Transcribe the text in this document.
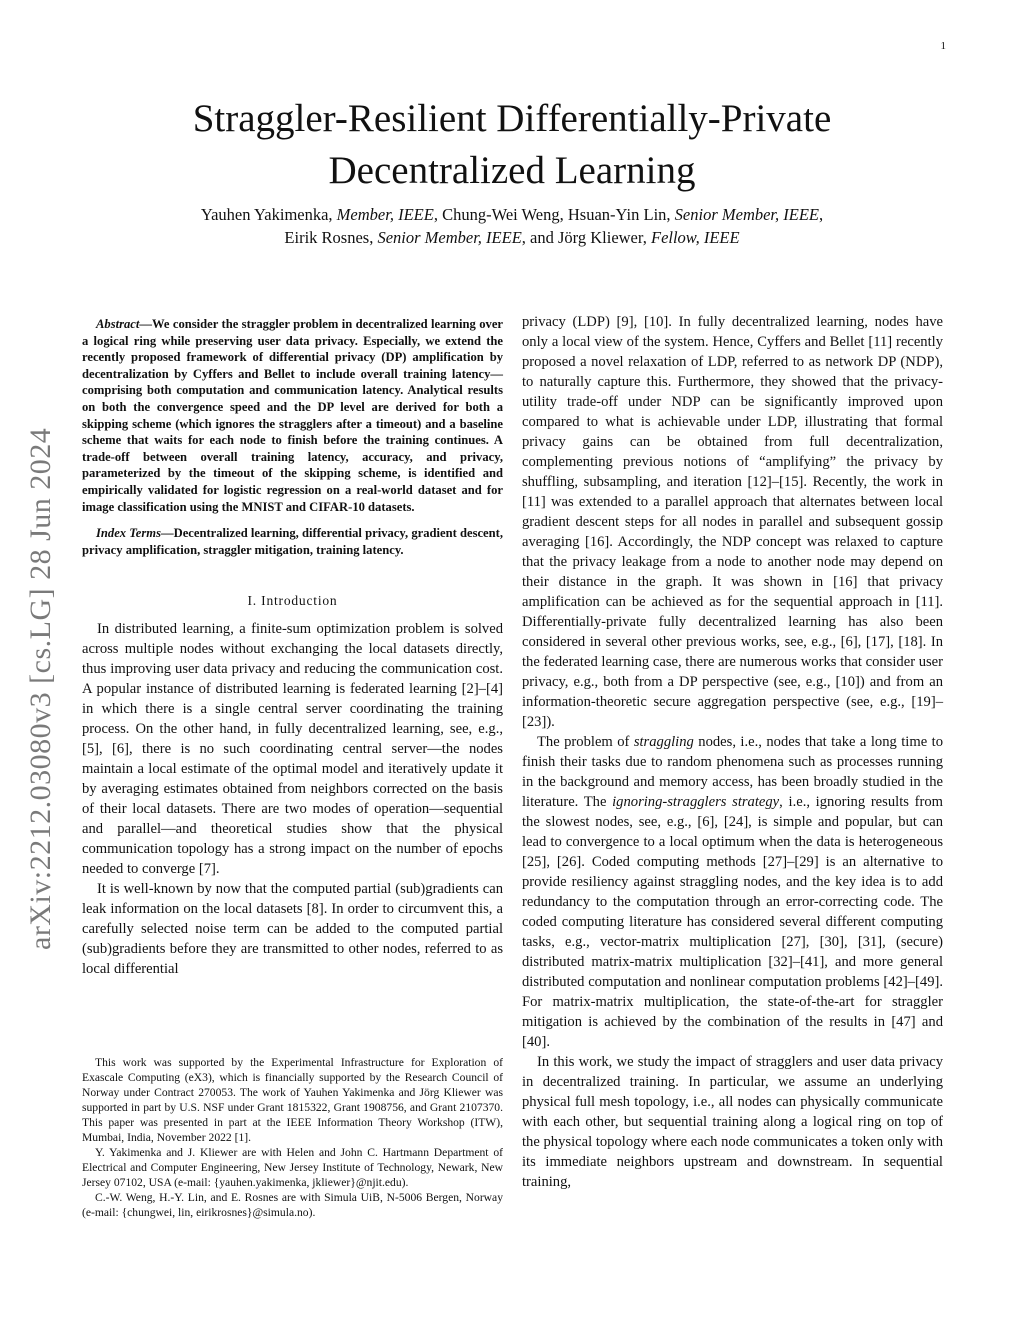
1
arXiv:2212.03080v3 [cs.LG] 28 Jun 2024
Straggler-Resilient Differentially-Private
Decentralized Learning
Yauhen Yakimenka, Member, IEEE, Chung-Wei Weng, Hsuan-Yin Lin, Senior Member, IEEE,
Eirik Rosnes, Senior Member, IEEE, and Jörg Kliewer, Fellow, IEEE

Abstract—We consider the straggler problem in decentralized learning over a logical ring while preserving user data privacy. Especially, we extend the recently proposed framework of differential privacy (DP) amplification by decentralization by Cyffers and Bellet to include overall training latency—comprising both computation and communication latency. Analytical results on both the convergence speed and the DP level are derived for both a skipping scheme (which ignores the stragglers after a timeout) and a baseline scheme that waits for each node to finish before the training continues. A trade-off between overall training latency, accuracy, and privacy, parameterized by the timeout of the skipping scheme, is identified and empirically validated for logistic regression on a real-world dataset and for image classification using the MNIST and CIFAR-10 datasets.

Index Terms—Decentralized learning, differential privacy, gradient descent, privacy amplification, straggler mitigation, training latency.

I. Introduction

In distributed learning, a finite-sum optimization problem is solved across multiple nodes without exchanging the local datasets directly, thus improving user data privacy and reducing the communication cost. A popular instance of distributed learning is federated learning [2]–[4] in which there is a single central server coordinating the training process. On the other hand, in fully decentralized learning, see, e.g., [5], [6], there is no such coordinating central server—the nodes maintain a local estimate of the optimal model and iteratively update it by averaging estimates obtained from neighbors corrected on the basis of their local datasets. There are two modes of operation—sequential and parallel—and theoretical studies show that the physical communication topology has a strong impact on the number of epochs needed to converge [7].

It is well-known by now that the computed partial (sub)gradients can leak information on the local datasets [8]. In order to circumvent this, a carefully selected noise term can be added to the computed partial (sub)gradients before they are transmitted to other nodes, referred to as local differential

This work was supported by the Experimental Infrastructure for Exploration of Exascale Computing (eX3), which is financially supported by the Research Council of Norway under Contract 270053. The work of Yauhen Yakimenka and Jörg Kliewer was supported in part by U.S. NSF under Grant 1815322, Grant 1908756, and Grant 2107370. This paper was presented in part at the IEEE Information Theory Workshop (ITW), Mumbai, India, November 2022 [1].

Y. Yakimenka and J. Kliewer are with Helen and John C. Hartmann Department of Electrical and Computer Engineering, New Jersey Institute of Technology, Newark, New Jersey 07102, USA (e-mail: {yauhen.yakimenka, jkliewer}@njit.edu).

C.-W. Weng, H.-Y. Lin, and E. Rosnes are with Simula UiB, N-5006 Bergen, Norway (e-mail: {chungwei, lin, eirikrosnes}@simula.no).

privacy (LDP) [9], [10]. In fully decentralized learning, nodes have only a local view of the system. Hence, Cyffers and Bellet [11] recently proposed a novel relaxation of LDP, referred to as network DP (NDP), to naturally capture this. Furthermore, they showed that the privacy-utility trade-off under NDP can be significantly improved upon compared to what is achievable under LDP, illustrating that formal privacy gains can be obtained from full decentralization, complementing previous notions of “amplifying” the privacy by shuffling, subsampling, and iteration [12]–[15]. Recently, the work in [11] was extended to a parallel approach that alternates between local gradient descent steps for all nodes in parallel and subsequent gossip averaging [16]. Accordingly, the NDP concept was relaxed to capture that the privacy leakage from a node to another node may depend on their distance in the graph. It was shown in [16] that privacy amplification can be achieved as for the sequential approach in [11]. Differentially-private fully decentralized learning has also been considered in several other previous works, see, e.g., [6], [17], [18]. In the federated learning case, there are numerous works that consider user privacy, e.g., both from a DP perspective (see, e.g., [10]) and from an information-theoretic secure aggregation perspective (see, e.g., [19]–[23]).

The problem of straggling nodes, i.e., nodes that take a long time to finish their tasks due to random phenomena such as processes running in the background and memory access, has been broadly studied in the literature. The ignoring-stragglers strategy, i.e., ignoring results from the slowest nodes, see, e.g., [6], [24], is simple and popular, but can lead to convergence to a local optimum when the data is heterogeneous [25], [26]. Coded computing methods [27]–[29] is an alternative to provide resiliency against straggling nodes, and the key idea is to add redundancy to the computation through an error-correcting code. The coded computing literature has considered several different computing tasks, e.g., vector-matrix multiplication [27], [30], [31], (secure) distributed matrix-matrix multiplication [32]–[41], and more general distributed computation and nonlinear computation problems [42]–[49]. For matrix-matrix multiplication, the state-of-the-art for straggler mitigation is achieved by the combination of the results in [47] and [40].

In this work, we study the impact of stragglers and user data privacy in decentralized training. In particular, we assume an underlying physical full mesh topology, i.e., all nodes can physically communicate with each other, but sequential training along a logical ring on top of the physical topology where each node communicates a token only with its immediate neighbors upstream and downstream. In sequential training,
